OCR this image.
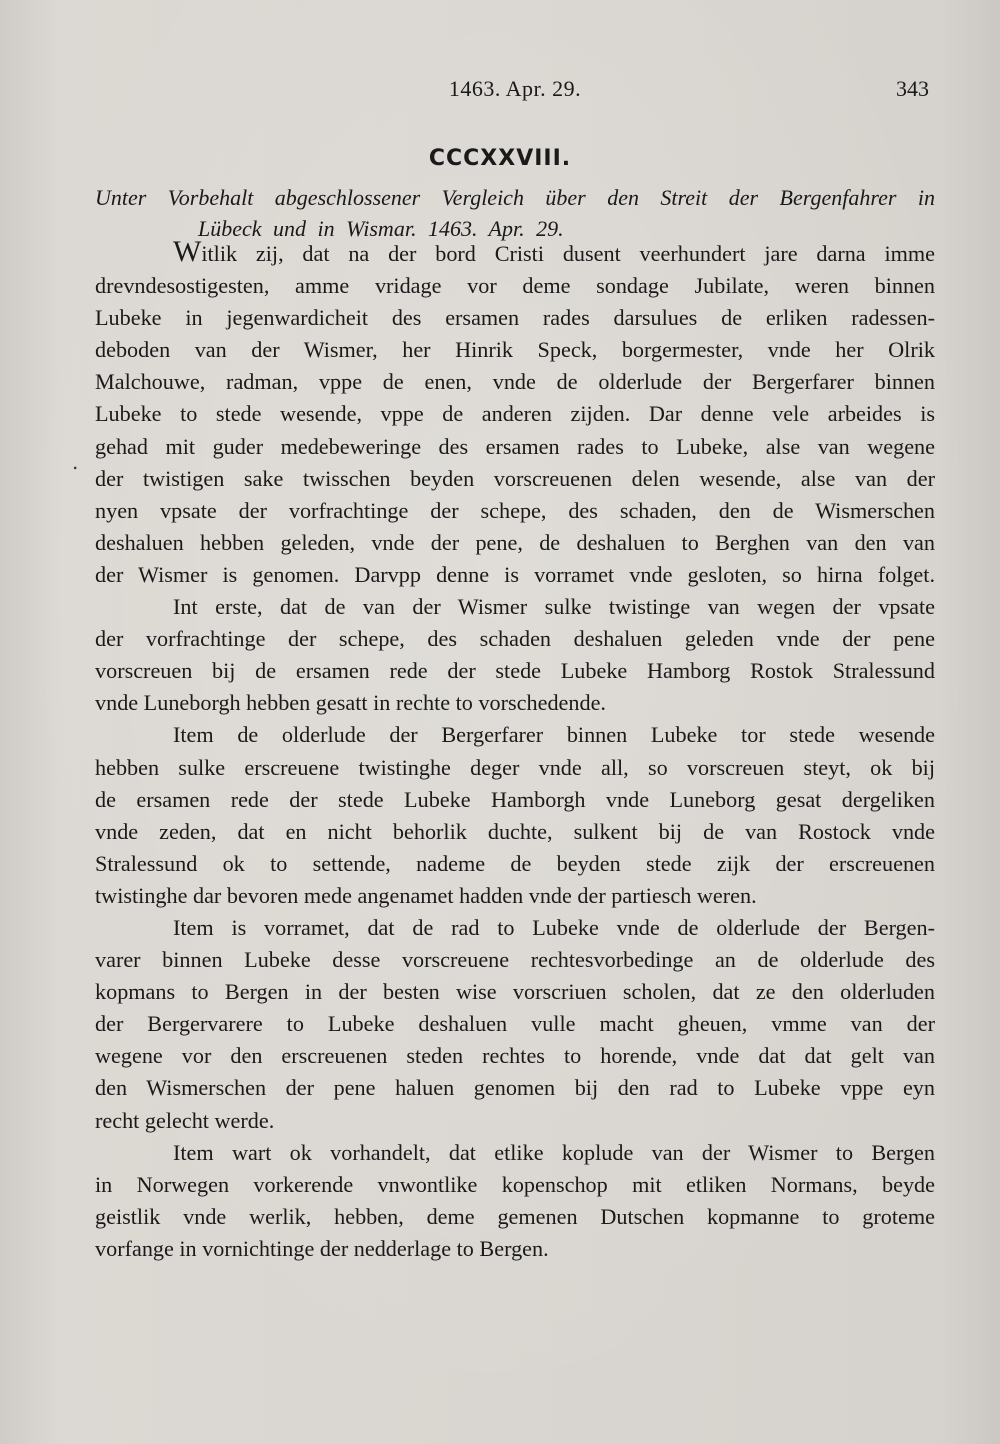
1463. Apr. 29.	343
CCCXXVIII.
Unter Vorbehalt abgeschlossener Vergleich über den Streit der Bergenfahrer in
Lübeck und in Wismar. 1463. Apr. 29.
.
Witlik zij, dat na der bord Cristi dusent veerhundert jare darna imme
drevndesostigesten, amme vridage vor deme sondage Jubilate, weren binnen
Lubeke in jegenwardicheit des ersamen rades darsulues de erliken radessen-
deboden van der Wismer, her Hinrik Speck, borgermester, vnde her Olrik
Malchouwe, radman, vppe de enen, vnde de olderlude der Bergerfarer binnen
Lubeke to stede wesende, vppe de anderen zijden. Dar denne vele arbeides is
gehad mit guder medebeweringe des ersamen rades to Lubeke, alse van wegene
der twistigen sake twisschen beyden vorscreuenen delen wesende, alse van der
nyen vpsate der vorfrachtinge der schepe, des schaden, den de Wismerschen
deshaluen hebben geleden, vnde der pene, de deshaluen to Berghen van den van
der Wismer is genomen. Darvpp denne is vorramet vnde gesloten, so hirna folget.
Int erste, dat de van der Wismer sulke twistinge van wegen der vpsate
der vorfrachtinge der schepe, des schaden deshaluen geleden vnde der pene
vorscreuen bij de ersamen rede der stede Lubeke Hamborg Rostok Stralessund
vnde Luneborgh hebben gesatt in rechte to vorschedende.
Item de olderlude der Bergerfarer binnen Lubeke tor stede wesende
hebben sulke erscreuene twistinghe deger vnde all, so vorscreuen steyt, ok bij
de ersamen rede der stede Lubeke Hamborgh vnde Luneborg gesat dergeliken
vnde zeden, dat en nicht behorlik duchte, sulkent bij de van Rostock vnde
Stralessund ok to settende, nademe de beyden stede zijk der erscreuenen
twistinghe dar bevoren mede angenamet hadden vnde der partiesch weren.
Item is vorramet, dat de rad to Lubeke vnde de olderlude der Bergen-
varer binnen Lubeke desse vorscreuene rechtesvorbedinge an de olderlude des
kopmans to Bergen in der besten wise vorscriuen scholen, dat ze den olderluden
der Bergervarere to Lubeke deshaluen vulle macht gheuen, vmme van der
wegene vor den erscreuenen steden rechtes to horende, vnde dat dat gelt van
den Wismerschen der pene haluen genomen bij den rad to Lubeke vppe eyn
recht gelecht werde.
Item wart ok vorhandelt, dat etlike koplude van der Wismer to Bergen
in Norwegen vorkerende vnwontlike kopenschop mit etliken Normans, beyde
geistlik vnde werlik, hebben, deme gemenen Dutschen kopmanne to groteme
vorfange in vornichtinge der nedderlage to Bergen.
